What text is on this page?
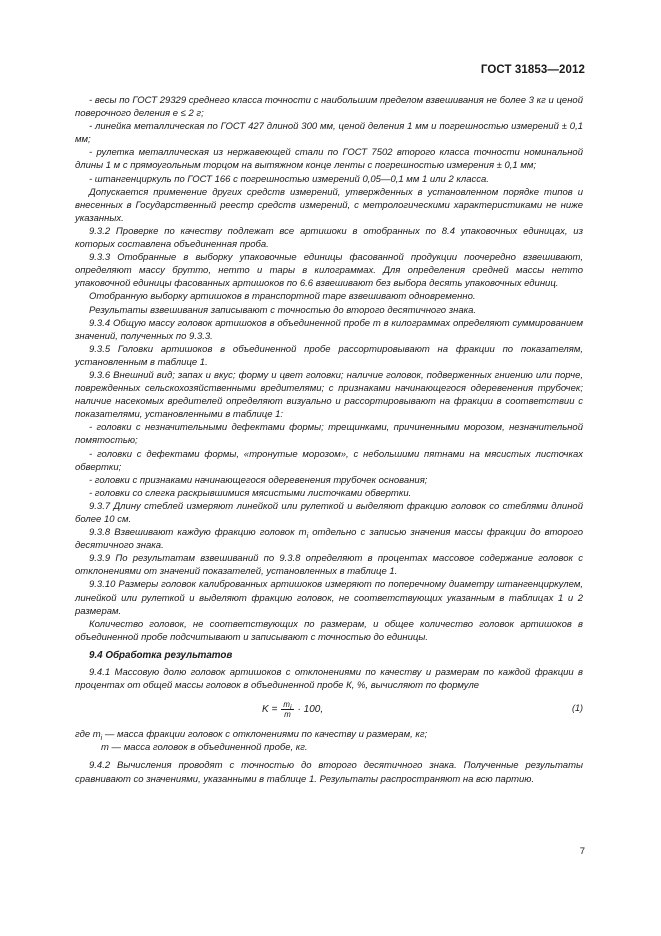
ГОСТ 31853—2012

- весы по ГОСТ 29329 среднего класса точности с наибольшим пределом взвешивания не более 3 кг и ценой поверочного деления е ≤ 2 г;

- линейка металлическая по ГОСТ 427 длиной 300 мм, ценой деления 1 мм и погрешностью измерений ± 0,1 мм;

- рулетка металлическая из нержавеющей стали по ГОСТ 7502 второго класса точности номинальной длины 1 м с прямоугольным торцом на вытяжном конце ленты с погрешностью измерения ± 0,1 мм;

- штангенциркуль по ГОСТ 166 с погрешностью измерений 0,05—0,1 мм 1 или 2 класса.

Допускается применение других средств измерений, утвержденных в установленном порядке типов и внесенных в Государственный реестр средств измерений, с метрологическими характеристиками не ниже указанных.

9.3.2 Проверке по качеству подлежат все артишоки в отобранных по 8.4 упаковочных единицах, из которых составлена объединенная проба.

9.3.3 Отобранные в выборку упаковочные единицы фасованной продукции поочередно взвешивают, определяют массу брутто, нетто и тары в килограммах. Для определения средней массы нетто упаковочной единицы фасованных артишоков по 6.6 взвешивают без выбора десять упаковочных единиц.

Отобранную выборку артишоков в транспортной таре взвешивают одновременно.

Результаты взвешивания записывают с точностью до второго десятичного знака.

9.3.4 Общую массу головок артишоков в объединенной пробе m в килограммах определяют суммированием значений, полученных по 9.3.3.

9.3.5 Головки артишоков в объединенной пробе рассортировывают на фракции по показателям, установленным в таблице 1.

9.3.6 Внешний вид; запах и вкус; форму и цвет головки; наличие головок, подверженных гниению или порче, поврежденных сельскохозяйственными вредителями; с признаками начинающегося одеревенения трубочек; наличие насекомых вредителей определяют визуально и рассортировывают на фракции в соответствии с показателями, установленными в таблице 1:

- головки с незначительными дефектами формы; трещинками, причиненными морозом, незначительной помятостью;

- головки с дефектами формы, «тронутые морозом», с небольшими пятнами на мясистых листочках обвертки;

- головки с признаками начинающегося одеревенения трубочек основания;

- головки со слегка раскрывшимися мясистыми листочками обвертки.

9.3.7 Длину стеблей измеряют линейкой или рулеткой и выделяют фракцию головок со стеблями длиной более 10 см.

9.3.8 Взвешивают каждую фракцию головок $m_i$ отдельно с записью значения массы фракции до второго десятичного знака.

9.3.9 По результатам взвешиваний по 9.3.8 определяют в процентах массовое содержание головок с отклонениями от значений показателей, установленных в таблице 1.

9.3.10 Размеры головок калиброванных артишоков измеряют по поперечному диаметру штангенциркулем, линейкой или рулеткой и выделяют фракцию головок, не соответствующих указанным в таблицах 1 и 2 размерам.

Количество головок, не соответствующих по размерам, и общее количество головок артишоков в объединенной пробе подсчитывают и записывают с точностью до единицы.

9.4 Обработка результатов

9.4.1 Массовую долю головок артишоков с отклонениями по качеству и размерам по каждой фракции в процентах от общей массы головок в объединенной пробе К, %, вычисляют по формуле

$K = \frac{m_i}{m} \cdot 100$,	(1)

где $m_i$ — масса фракции головок с отклонениями по качеству и размерам, кг;

m — масса головок в объединенной пробе, кг.

9.4.2 Вычисления проводят с точностью до второго десятичного знака. Полученные результаты сравнивают со значениями, указанными в таблице 1. Результаты распространяют на всю партию.

7
